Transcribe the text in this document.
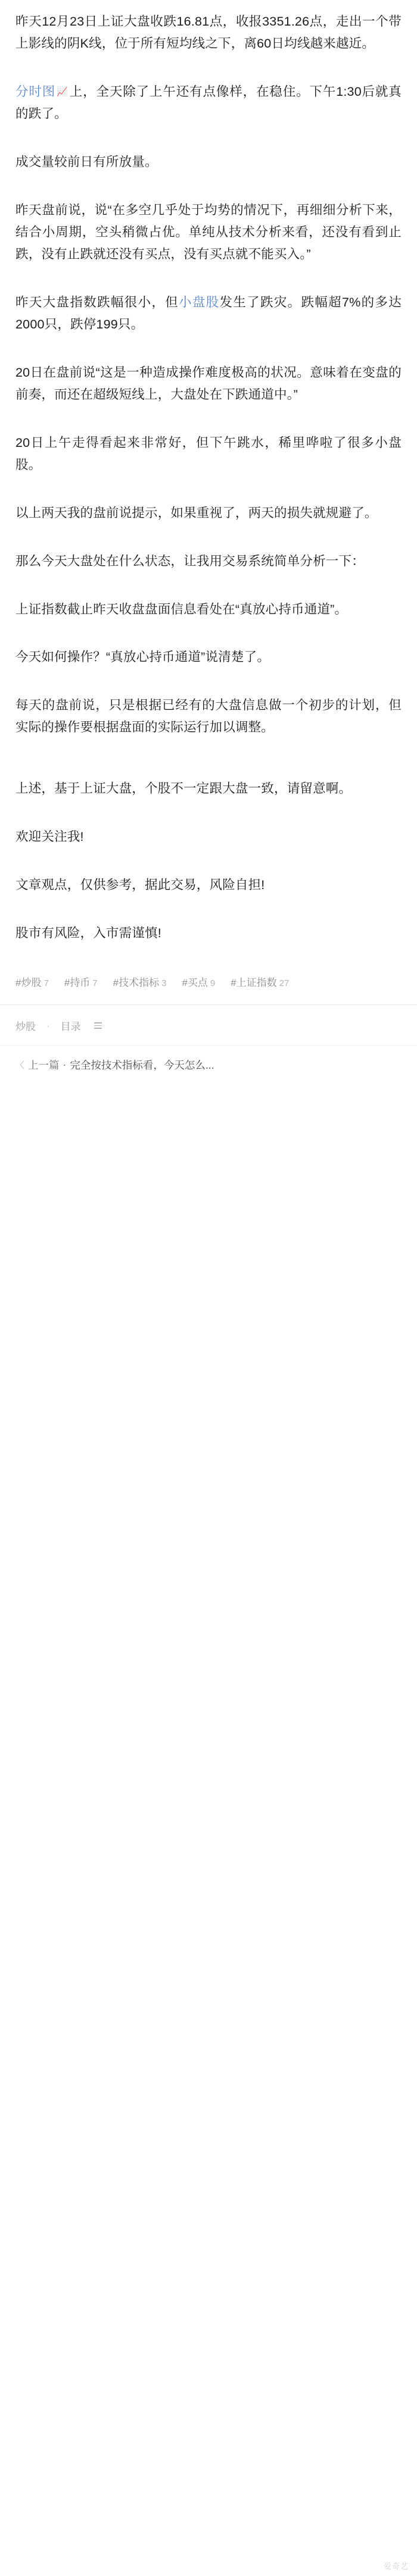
昨天12月23日上证大盘收跌16.81点，收报3351.26点，走出一个带上影线的阴K线，位于所有短均线之下，离60日均线越来越近。

分时图 📈上，全天除了上午还有点像样，在稳住。下午1:30后就真的跌了。

成交量较前日有所放量。

昨天盘前说，说“在多空几乎处于均势的情况下，再细细分析下来，结合小周期，空头稍微占优。单纯从技术分析来看，还没有看到止跌，没有止跌就还没有买点，没有买点就不能买入。”

昨天大盘指数跌幅很小，但小盘股发生了跌灾。跌幅超7%的多达2000只，跌停199只。

20日在盘前说“这是一种造成操作难度极高的状况。意味着在变盘的前奏，而还在超级短线上，大盘处在下跌通道中。”

20日上午走得看起来非常好，但下午跳水，稀里哗啦了很多小盘股。

以上两天我的盘前说提示，如果重视了，两天的损失就规避了。

那么今天大盘处在什么状态，让我用交易系统简单分析一下：

上证指数截止昨天收盘盘面信息看处在“真放心持币通道”。

今天如何操作？“真放心持币通道”说清楚了。

每天的盘前说，只是根据已经有的大盘信息做一个初步的计划，但实际的操作要根据盘面的实际运行加以调整。

上述，基于上证大盘，个股不一定跟大盘一致，请留意啊。

欢迎关注我!

文章观点，仅供参考，据此交易，风险自担!

股市有风险，入市需谨慎!

#炒股 7 #持币 7 #技术指标 3 #买点 9 #上证指数 27
炒股 · 目录
〈 上一篇 · 完全按技术指标看，今天怎么...
爱奇艺
